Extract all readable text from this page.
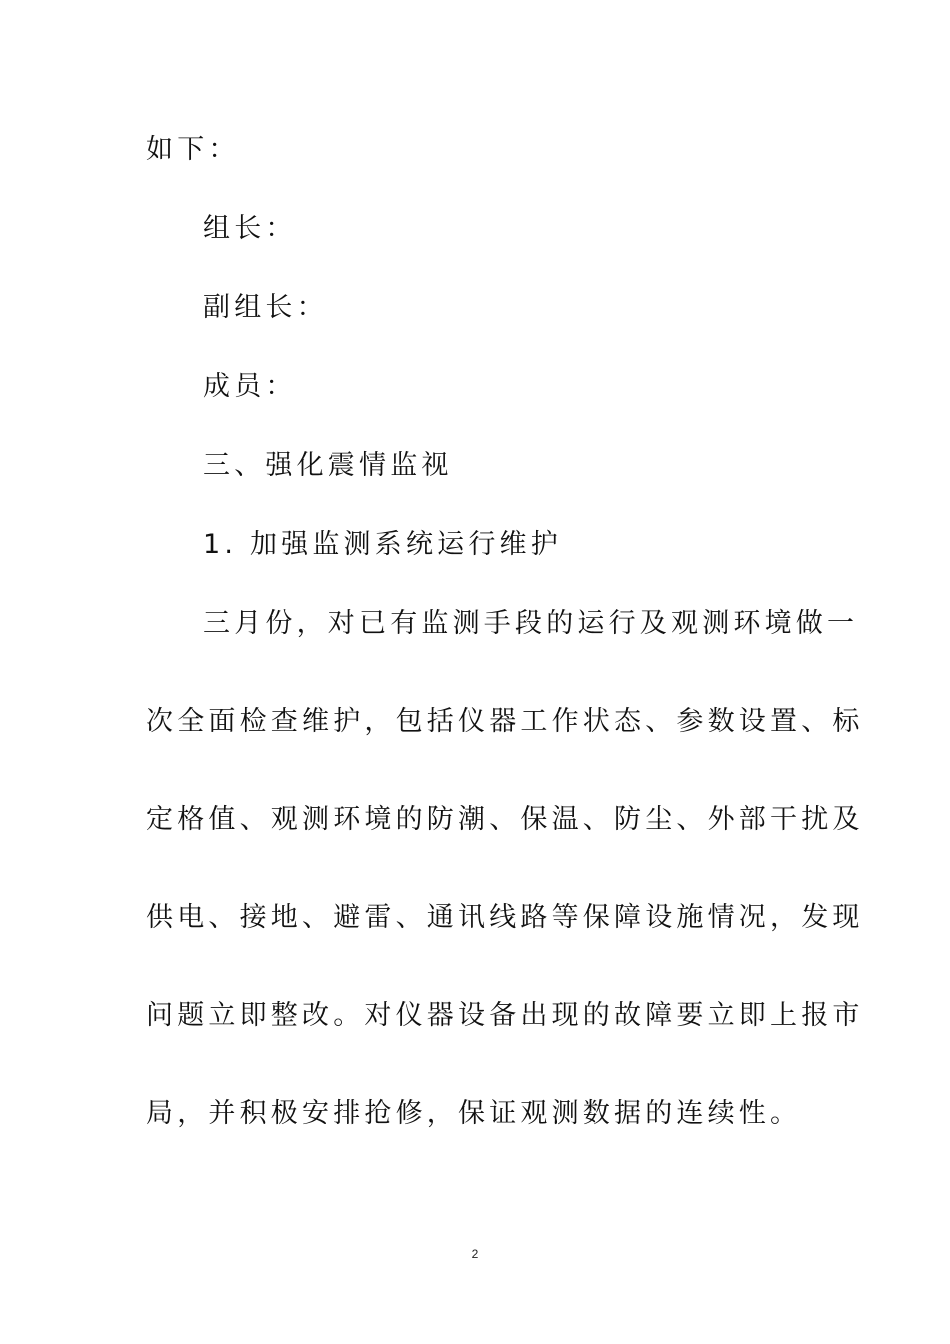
如下：
组长：
副组长：
成员：
三、强化震情监视
1. 加强监测系统运行维护
三月份，对已有监测手段的运行及观测环境做一
次全面检查维护，包括仪器工作状态、参数设置、标
定格值、观测环境的防潮、保温、防尘、外部干扰及
供电、接地、避雷、通讯线路等保障设施情况，发现
问题立即整改。对仪器设备出现的故障要立即上报市
局，并积极安排抢修，保证观测数据的连续性。
2
